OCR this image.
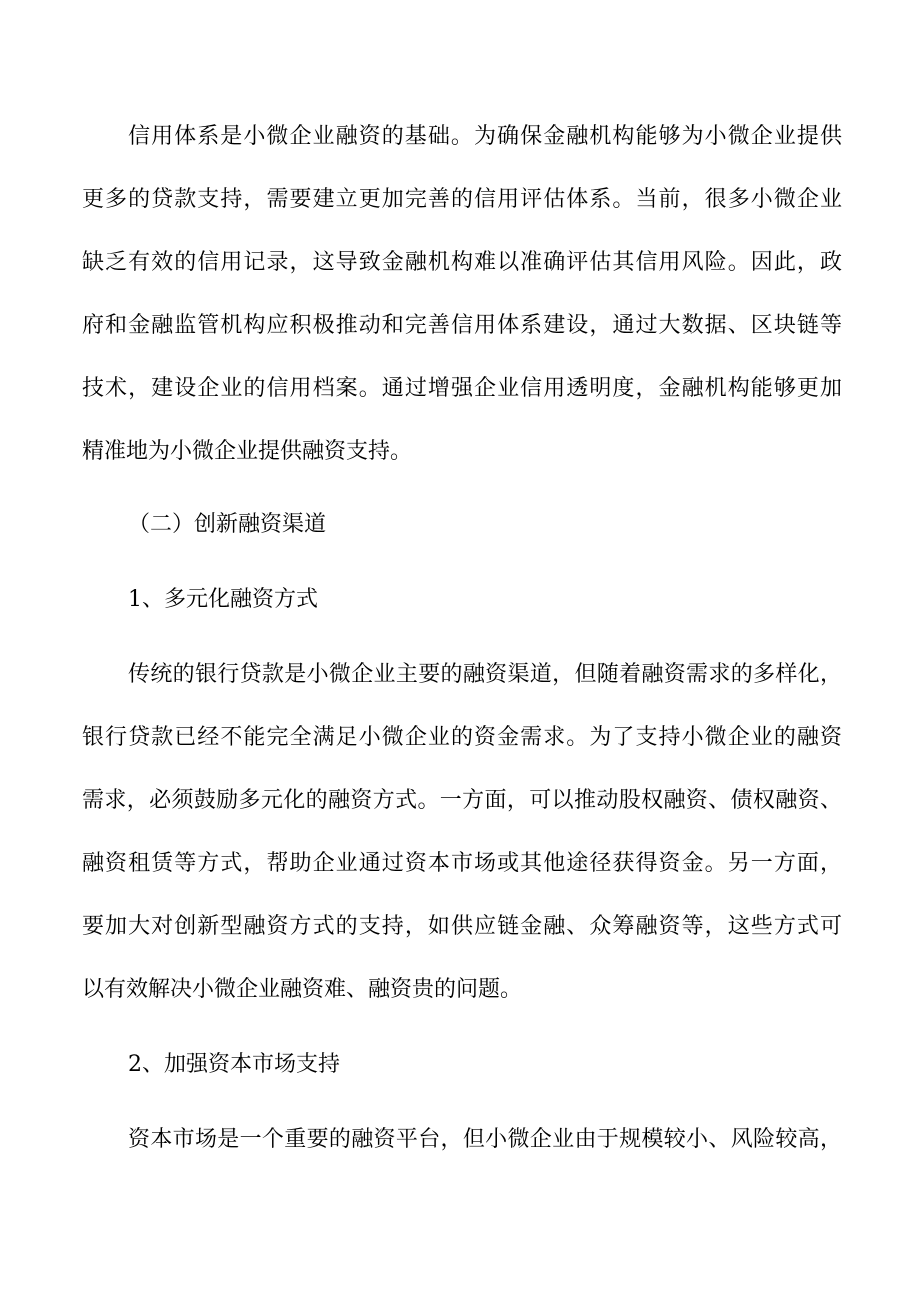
信用体系是小微企业融资的基础。为确保金融机构能够为小微企业提供
更多的贷款支持，需要建立更加完善的信用评估体系。当前，很多小微企业
缺乏有效的信用记录，这导致金融机构难以准确评估其信用风险。因此，政
府和金融监管机构应积极推动和完善信用体系建设，通过大数据、区块链等
技术，建设企业的信用档案。通过增强企业信用透明度，金融机构能够更加
精准地为小微企业提供融资支持。
（二）创新融资渠道
1、多元化融资方式
传统的银行贷款是小微企业主要的融资渠道，但随着融资需求的多样化，
银行贷款已经不能完全满足小微企业的资金需求。为了支持小微企业的融资
需求，必须鼓励多元化的融资方式。一方面，可以推动股权融资、债权融资、
融资租赁等方式，帮助企业通过资本市场或其他途径获得资金。另一方面，
要加大对创新型融资方式的支持，如供应链金融、众筹融资等，这些方式可
以有效解决小微企业融资难、融资贵的问题。
2、加强资本市场支持
资本市场是一个重要的融资平台，但小微企业由于规模较小、风险较高，
